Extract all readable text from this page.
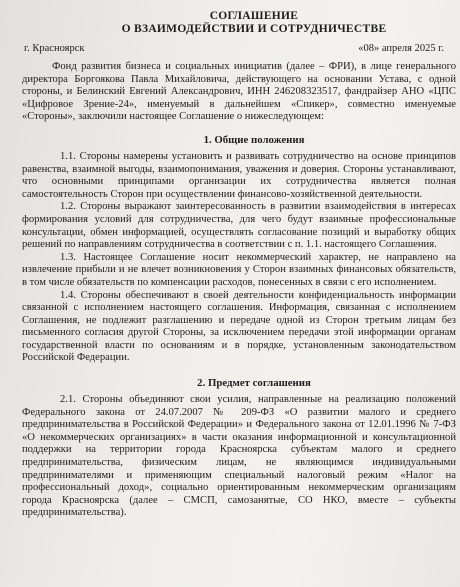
СОГЛАШЕНИЕ
О ВЗАИМОДЕЙСТВИИ И СОТРУДНИЧЕСТВЕ
г. Красноярск	«08» апреля 2025 г.

Фонд развития бизнеса и социальных инициатив (далее – ФРИ), в лице генерального директора Боргоякова Павла Михайловича, действующего на основании Устава, с одной стороны, и Белинский Евгений Александрович, ИНН 246208323517, фандрайзер АНО «ЦПС «Цифровое Зрение-24», именуемый в дальнейшем «Спикер», совместно именуемые «Стороны», заключили настоящее Соглашение о нижеследующем:

1. Общие положения

1.1. Стороны намерены установить и развивать сотрудничество на основе принципов равенства, взаимной выгоды, взаимопонимания, уважения и доверия. Стороны устанавливают, что основными принципами организации их сотрудничества является полная самостоятельность Сторон при осуществлении финансово-хозяйственной деятельности.

1.2. Стороны выражают заинтересованность в развитии взаимодействия в интересах формирования условий для сотрудничества, для чего будут взаимные профессиональные консультации, обмен информацией, осуществлять согласование позиций и выработку общих решений по направлениям сотрудничества в соответствии с п. 1.1. настоящего Соглашения.

1.3. Настоящее Соглашение носит некоммерческий характер, не направлено на извлечение прибыли и не влечет возникновения у Сторон взаимных финансовых обязательств, в том числе обязательств по компенсации расходов, понесенных в связи с его исполнением.

1.4. Стороны обеспечивают в своей деятельности конфиденциальность информации связанной с исполнением настоящего соглашения. Информация, связанная с исполнением Соглашения, не подлежит разглашению и передаче одной из Сторон третьим лицам без письменного согласия другой Стороны, за исключением передачи этой информации органам государственной власти по основаниям и в порядке, установленным законодательством Российской Федерации.

2. Предмет соглашения

2.1. Стороны объединяют свои усилия, направленные на реализацию положений Федерального закона от 24.07.2007 № 209-ФЗ «О развитии малого и среднего предпринимательства в Российской Федерации» и Федерального закона от 12.01.1996 № 7-ФЗ «О некоммерческих организациях» в части оказания информационной и консультационной поддержки на территории города Красноярска субъектам малого и среднего предпринимательства, физическим лицам, не являющимся индивидуальными предпринимателями и применяющим специальный налоговый режим «Налог на профессиональный доход», социально ориентированным некоммерческим организациям города Красноярска (далее – СМСП, самозанятые, СО НКО, вместе – субъекты предпринимательства).
